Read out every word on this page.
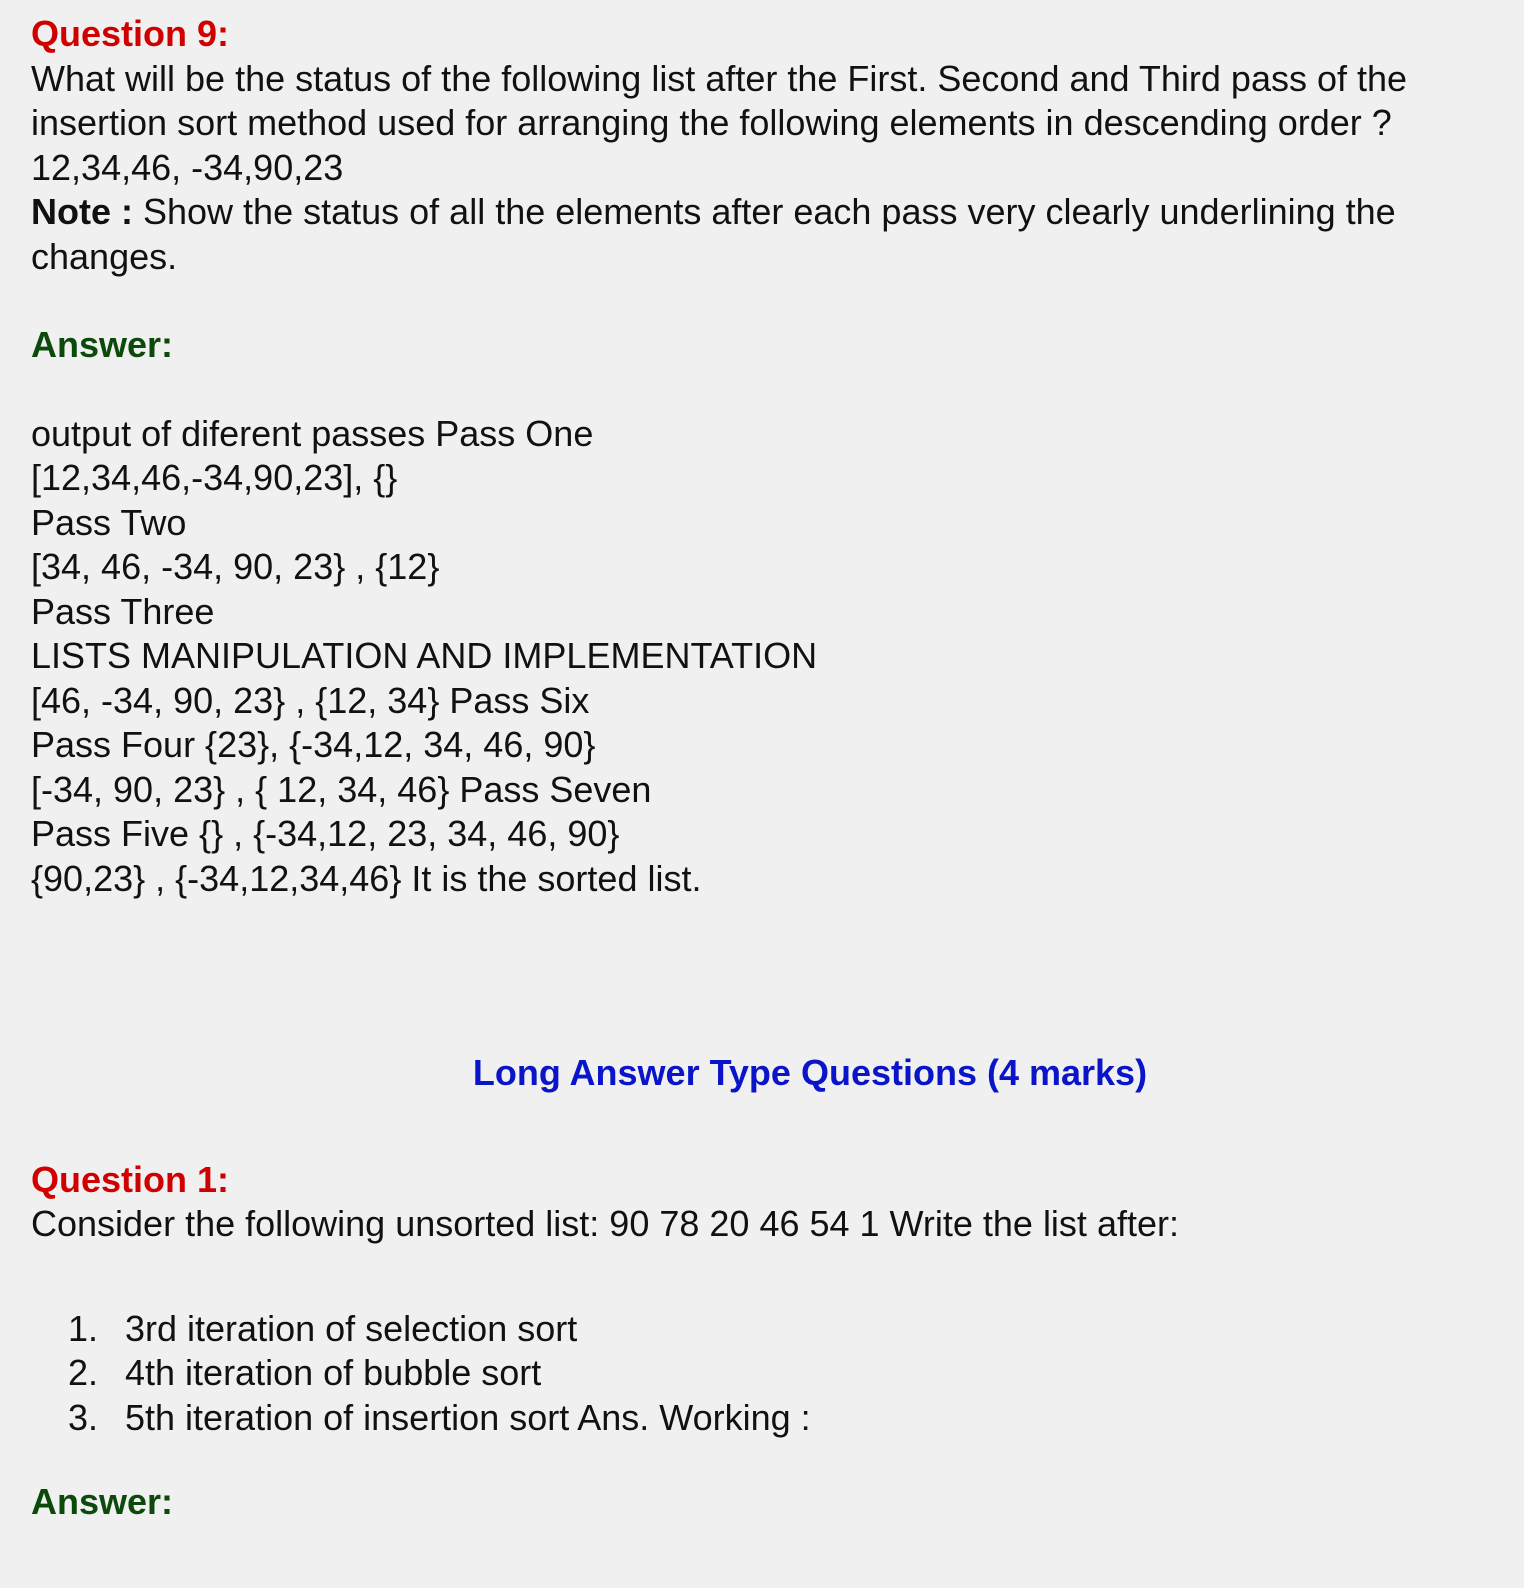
Question 9:
What will be the status of the following list after the First. Second and Third pass of the
insertion sort method used for arranging the following elements in descending order ?
12,34,46, -34,90,23
Note : Show the status of all the elements after each pass very clearly underlining the
changes.
Answer:
output of diferent passes Pass One
[12,34,46,-34,90,23], {}
Pass Two
[34, 46, -34, 90, 23} , {12}
Pass Three
LISTS MANIPULATION AND IMPLEMENTATION
[46, -34, 90, 23} , {12, 34} Pass Six
Pass Four {23}, {-34,12, 34, 46, 90}
[-34, 90, 23} , { 12, 34, 46} Pass Seven
Pass Five {} , {-34,12, 23, 34, 46, 90}
{90,23} , {-34,12,34,46} It is the sorted list.
Long Answer Type Questions (4 marks)
Question 1:
Consider the following unsorted list: 90 78 20 46 54 1 Write the list after:
1. 3rd iteration of selection sort
2. 4th iteration of bubble sort
3. 5th iteration of insertion sort Ans. Working :
Answer:
